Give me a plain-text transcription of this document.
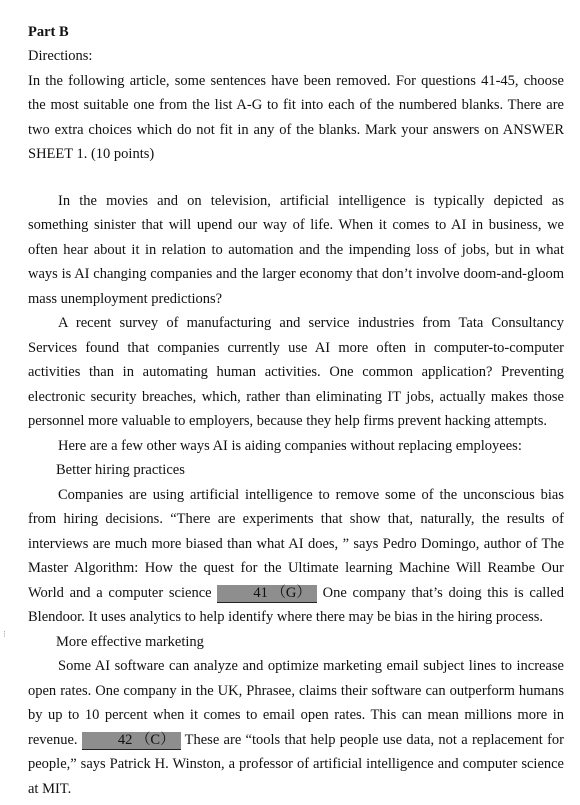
Part B
Directions:
In the following article, some sentences have been removed. For questions 41-45, choose the most suitable one from the list A-G to fit into each of the numbered blanks. There are two extra choices which do not fit in any of the blanks. Mark your answers on ANSWER SHEET 1. (10 points)
In the movies and on television, artificial intelligence is typically depicted as something sinister that will upend our way of life. When it comes to AI in business, we often hear about it in relation to automation and the impending loss of jobs, but in what ways is AI changing companies and the larger economy that don’t involve doom-and-gloom mass unemployment predictions?
A recent survey of manufacturing and service industries from Tata Consultancy Services found that companies currently use AI more often in computer-to-computer activities than in automating human activities. One common application? Preventing electronic security breaches, which, rather than eliminating IT jobs, actually makes those personnel more valuable to employers, because they help firms prevent hacking attempts.
Here are a few other ways AI is aiding companies without replacing employees:
Better hiring practices
Companies are using artificial intelligence to remove some of the unconscious bias from hiring decisions. “There are experiments that show that, naturally, the results of interviews are much more biased than what AI does, ” says Pedro Domingo, author of The Master Algorithm: How the quest for the Ultimate learning Machine Will Reambe Our World and a computer science	41 （G） One company that’s doing this is called Blendoor. It uses analytics to help identify where there may be bias in the hiring process.
More effective marketing
Some AI software can analyze and optimize marketing email subject lines to increase open rates. One company in the UK, Phrasee, claims their software can outperform humans by up to 10 percent when it comes to email open rates. This can mean millions more in revenue.	42 （C） These are “tools that help people use data, not a replacement for people,” says Patrick H. Winston, a professor of artificial intelligence and computer science at MIT.
⁝
